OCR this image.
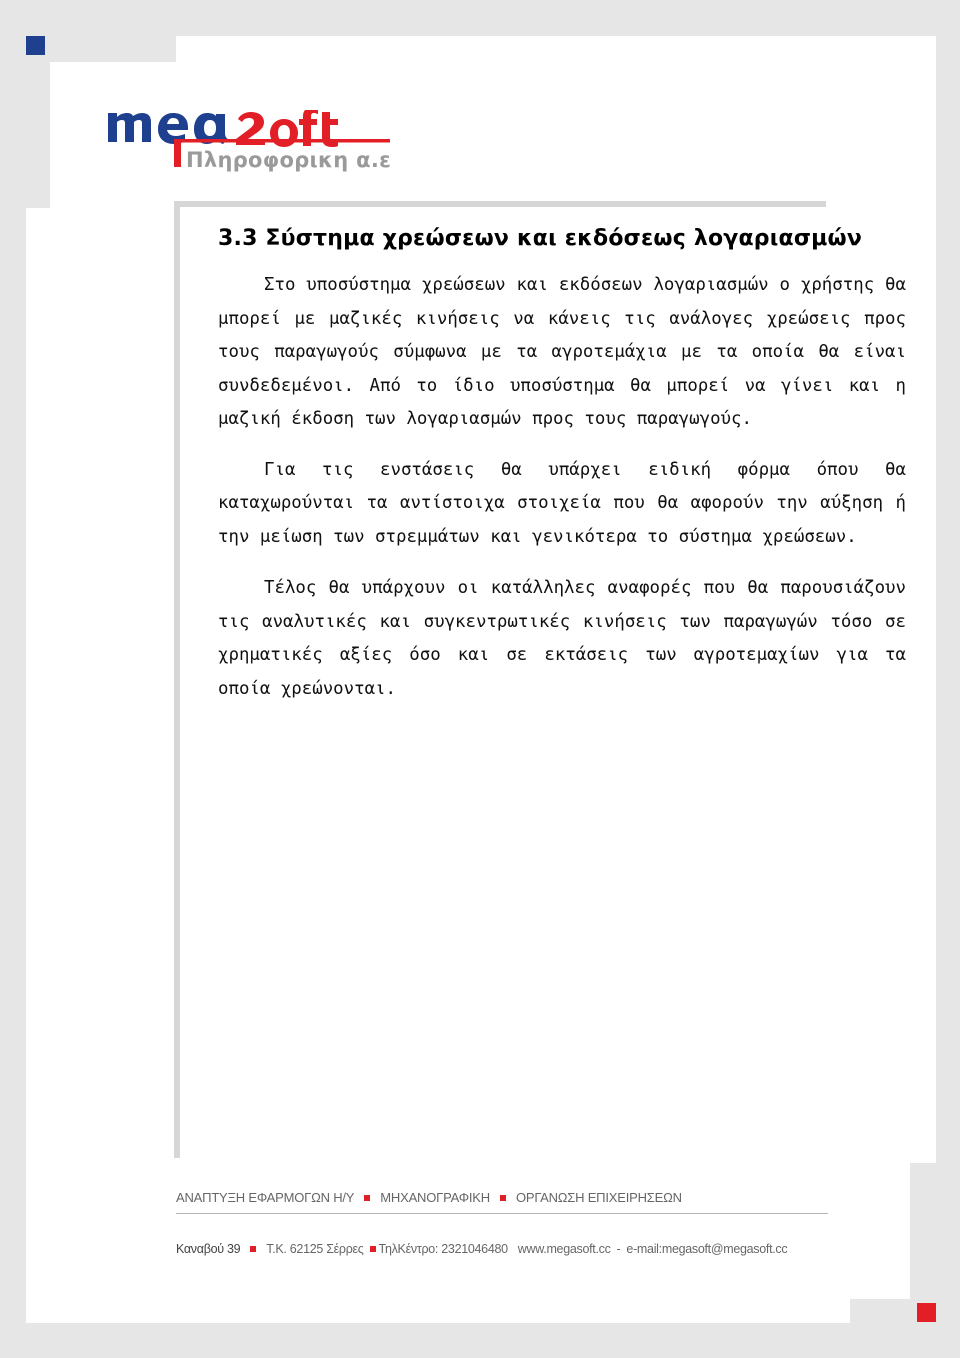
Πληροφορικη α.ε
3.3 Σύστημα χρεώσεων και εκδόσεως λογαριασμών

Στο υποσύστημα χρεώσεων και εκδόσεων λογαριασμών ο χρήστης θα μπορεί με μαζικές κινήσεις να κάνεις τις ανάλογες χρεώσεις προς τους παραγωγούς σύμφωνα με τα αγροτεμάχια με τα οποία θα είναι συνδεδεμένοι. Από το ίδιο υποσύστημα θα μπορεί να γίνει και η μαζική έκδοση των λογαριασμών προς τους παραγωγούς.

Για τις ενστάσεις θα υπάρχει ειδική φόρμα όπου θα καταχωρούνται τα αντίστοιχα στοιχεία που θα αφορούν την αύξηση ή την μείωση των στρεμμάτων και γενικότερα το σύστημα χρεώσεων.

Τέλος θα υπάρχουν οι κατάλληλες αναφορές που θα παρουσιάζουν τις αναλυτικές και συγκεντρωτικές κινήσεις των παραγωγών τόσο σε χρηματικές αξίες όσο και σε εκτάσεις των αγροτεμαχίων για τα οποία χρεώνονται.

ΑΝΑΠΤΥΞΗ ΕΦΑΡΜΟΓΩΝ Η/Υ ΜΗΧΑΝΟΓΡΑΦΙΚΗ ΟΡΓΑΝΩΣΗ ΕΠΙΧΕΙΡΗΣΕΩΝ
Καναβού 39 Τ.Κ. 62125 Σέρρες ΤηλΚέντρο: 2321046480 www.megasoft.cc - e-mail:megasoft@megasoft.cc
